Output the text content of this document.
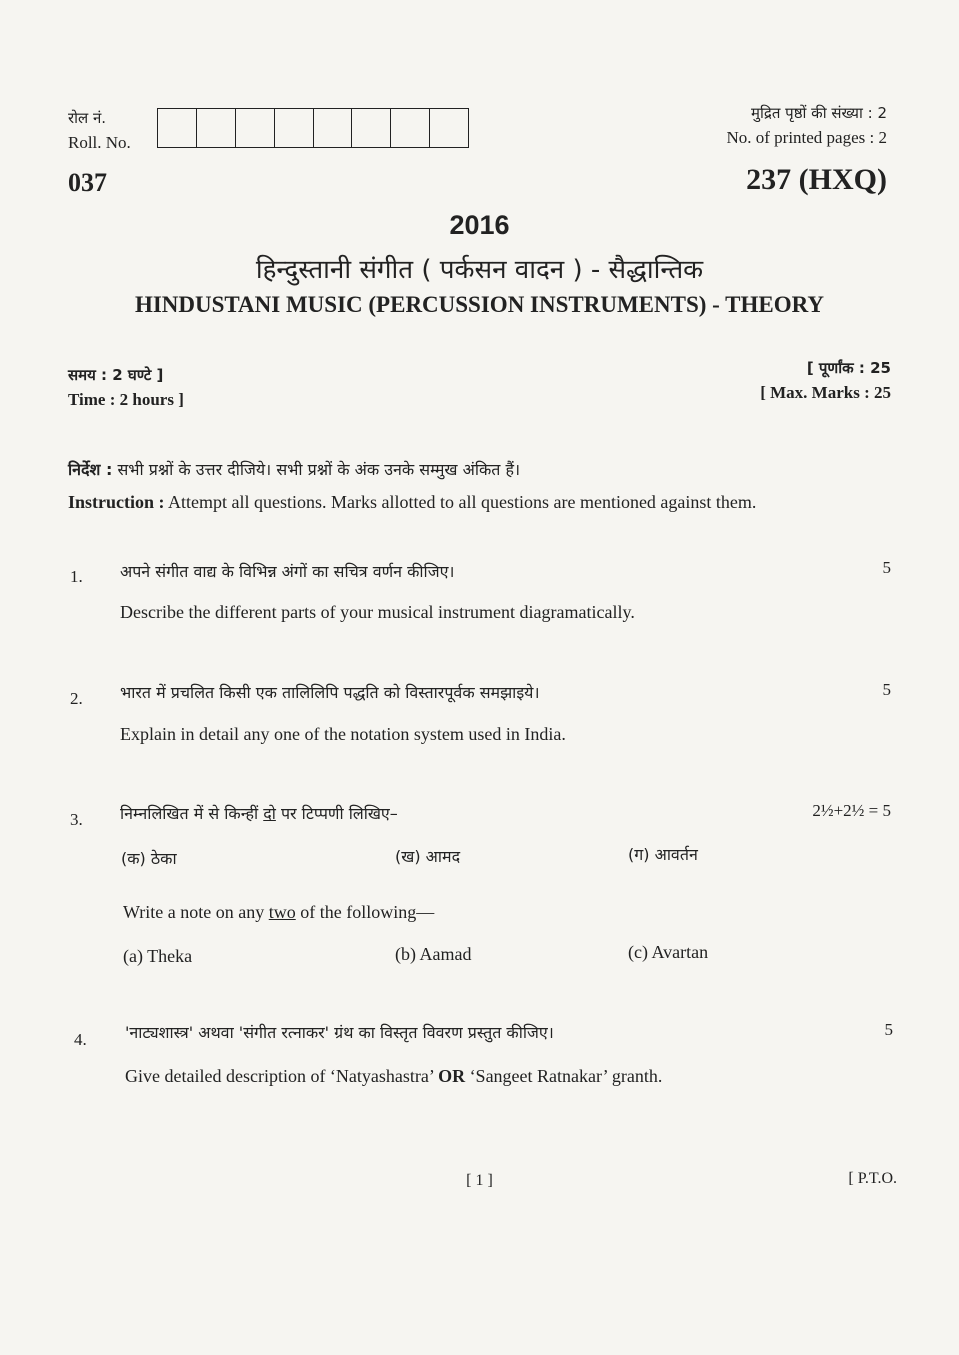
रोल नं.
Roll. No.
037
मुद्रित पृष्ठों की संख्या : 2
No. of printed pages : 2
237 (HXQ)
2016
हिन्दुस्तानी संगीत ( पर्कसन वादन ) - सैद्धान्तिक
HINDUSTANI MUSIC (PERCUSSION INSTRUMENTS) - THEORY
समय : 2 घण्टे ]
Time : 2 hours ]
[ पूर्णांक : 25
[ Max. Marks : 25
निर्देश : सभी प्रश्नों के उत्तर दीजिये। सभी प्रश्नों के अंक उनके सम्मुख अंकित हैं।
Instruction : Attempt all questions. Marks allotted to all questions are mentioned against them.
1. अपने संगीत वाद्य के विभिन्न अंगों का सचित्र वर्णन कीजिए।	5
Describe the different parts of your musical instrument diagramatically.
2. भारत में प्रचलित किसी एक तालिलिपि पद्धति को विस्तारपूर्वक समझाइये।	5
Explain in detail any one of the notation system used in India.
3. निम्नलिखित में से किन्हीं दो पर टिप्पणी लिखिए–	2½+2½ = 5
(क) ठेका	(ख) आमद	(ग) आवर्तन
Write a note on any two of the following—
(a) Theka	(b) Aamad	(c) Avartan
4. 'नाट्यशास्त्र' अथवा 'संगीत रत्नाकर' ग्रंथ का विस्तृत विवरण प्रस्तुत कीजिए।	5
Give detailed description of ‘Natyashastra’ OR ‘Sangeet Ratnakar’ granth.
[ 1 ]	[ P.T.O.
